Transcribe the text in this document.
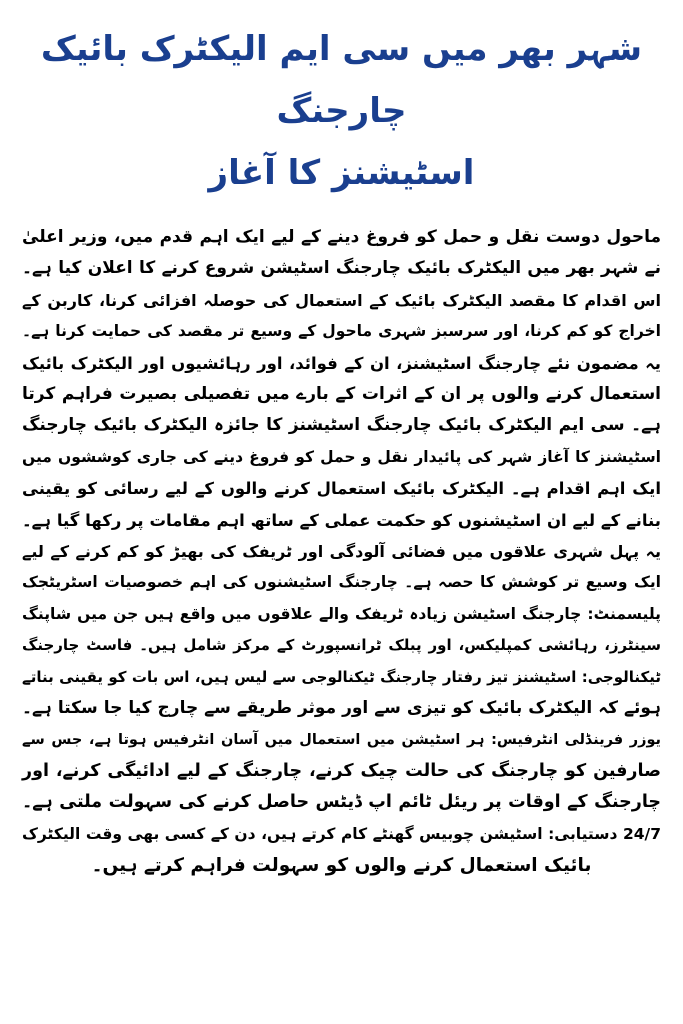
شہر بھر میں سی ایم الیکٹرک بائیک چارجنگ
اسٹیشنز کا آغاز
ماحول دوست نقل و حمل کو فروغ دینے کے لیے ایک اہم قدم میں، وزیر اعلیٰ
نے شہر بھر میں الیکٹرک بائیک چارجنگ اسٹیشن شروع کرنے کا اعلان کیا ہے۔
اس اقدام کا مقصد الیکٹرک بائیک کے استعمال کی حوصلہ افزائی کرنا، کاربن کے
اخراج کو کم کرنا، اور سرسبز شہری ماحول کے وسیع تر مقصد کی حمایت کرنا ہے۔
یہ مضمون نئے چارجنگ اسٹیشنز، ان کے فوائد، اور رہائشیوں اور الیکٹرک بائیک
استعمال کرنے والوں پر ان کے اثرات کے بارے میں تفصیلی بصیرت فراہم کرتا
ہے۔ سی ایم الیکٹرک بائیک چارجنگ اسٹیشنز کا جائزہ الیکٹرک بائیک چارجنگ
اسٹیشنز کا آغاز شہر کی پائیدار نقل و حمل کو فروغ دینے کی جاری کوششوں میں
ایک اہم اقدام ہے۔ الیکٹرک بائیک استعمال کرنے والوں کے لیے رسائی کو یقینی
بنانے کے لیے ان اسٹیشنوں کو حکمت عملی کے ساتھ اہم مقامات پر رکھا گیا ہے۔
یہ پہل شہری علاقوں میں فضائی آلودگی اور ٹریفک کی بھیڑ کو کم کرنے کے لیے
ایک وسیع تر کوشش کا حصہ ہے۔ چارجنگ اسٹیشنوں کی اہم خصوصیات اسٹریٹجک
پلیسمنٹ: چارجنگ اسٹیشن زیادہ ٹریفک والے علاقوں میں واقع ہیں جن میں شاپنگ
سینٹرز، رہائشی کمپلیکس، اور پبلک ٹرانسپورٹ کے مرکز شامل ہیں۔ فاسٹ چارجنگ
ٹیکنالوجی: اسٹیشنز تیز رفتار چارجنگ ٹیکنالوجی سے لیس ہیں، اس بات کو یقینی بناتے
ہوئے کہ الیکٹرک بائیک کو تیزی سے اور موثر طریقے سے چارج کیا جا سکتا ہے۔
یوزر فرینڈلی انٹرفیس: ہر اسٹیشن میں استعمال میں آسان انٹرفیس ہوتا ہے، جس سے
صارفین کو چارجنگ کی حالت چیک کرنے، چارجنگ کے لیے ادائیگی کرنے، اور
چارجنگ کے اوقات پر ریئل ٹائم اپ ڈیٹس حاصل کرنے کی سہولت ملتی ہے۔
24/7 دستیابی: اسٹیشن چوبیس گھنٹے کام کرتے ہیں، دن کے کسی بھی وقت الیکٹرک
بائیک استعمال کرنے والوں کو سہولت فراہم کرتے ہیں۔
